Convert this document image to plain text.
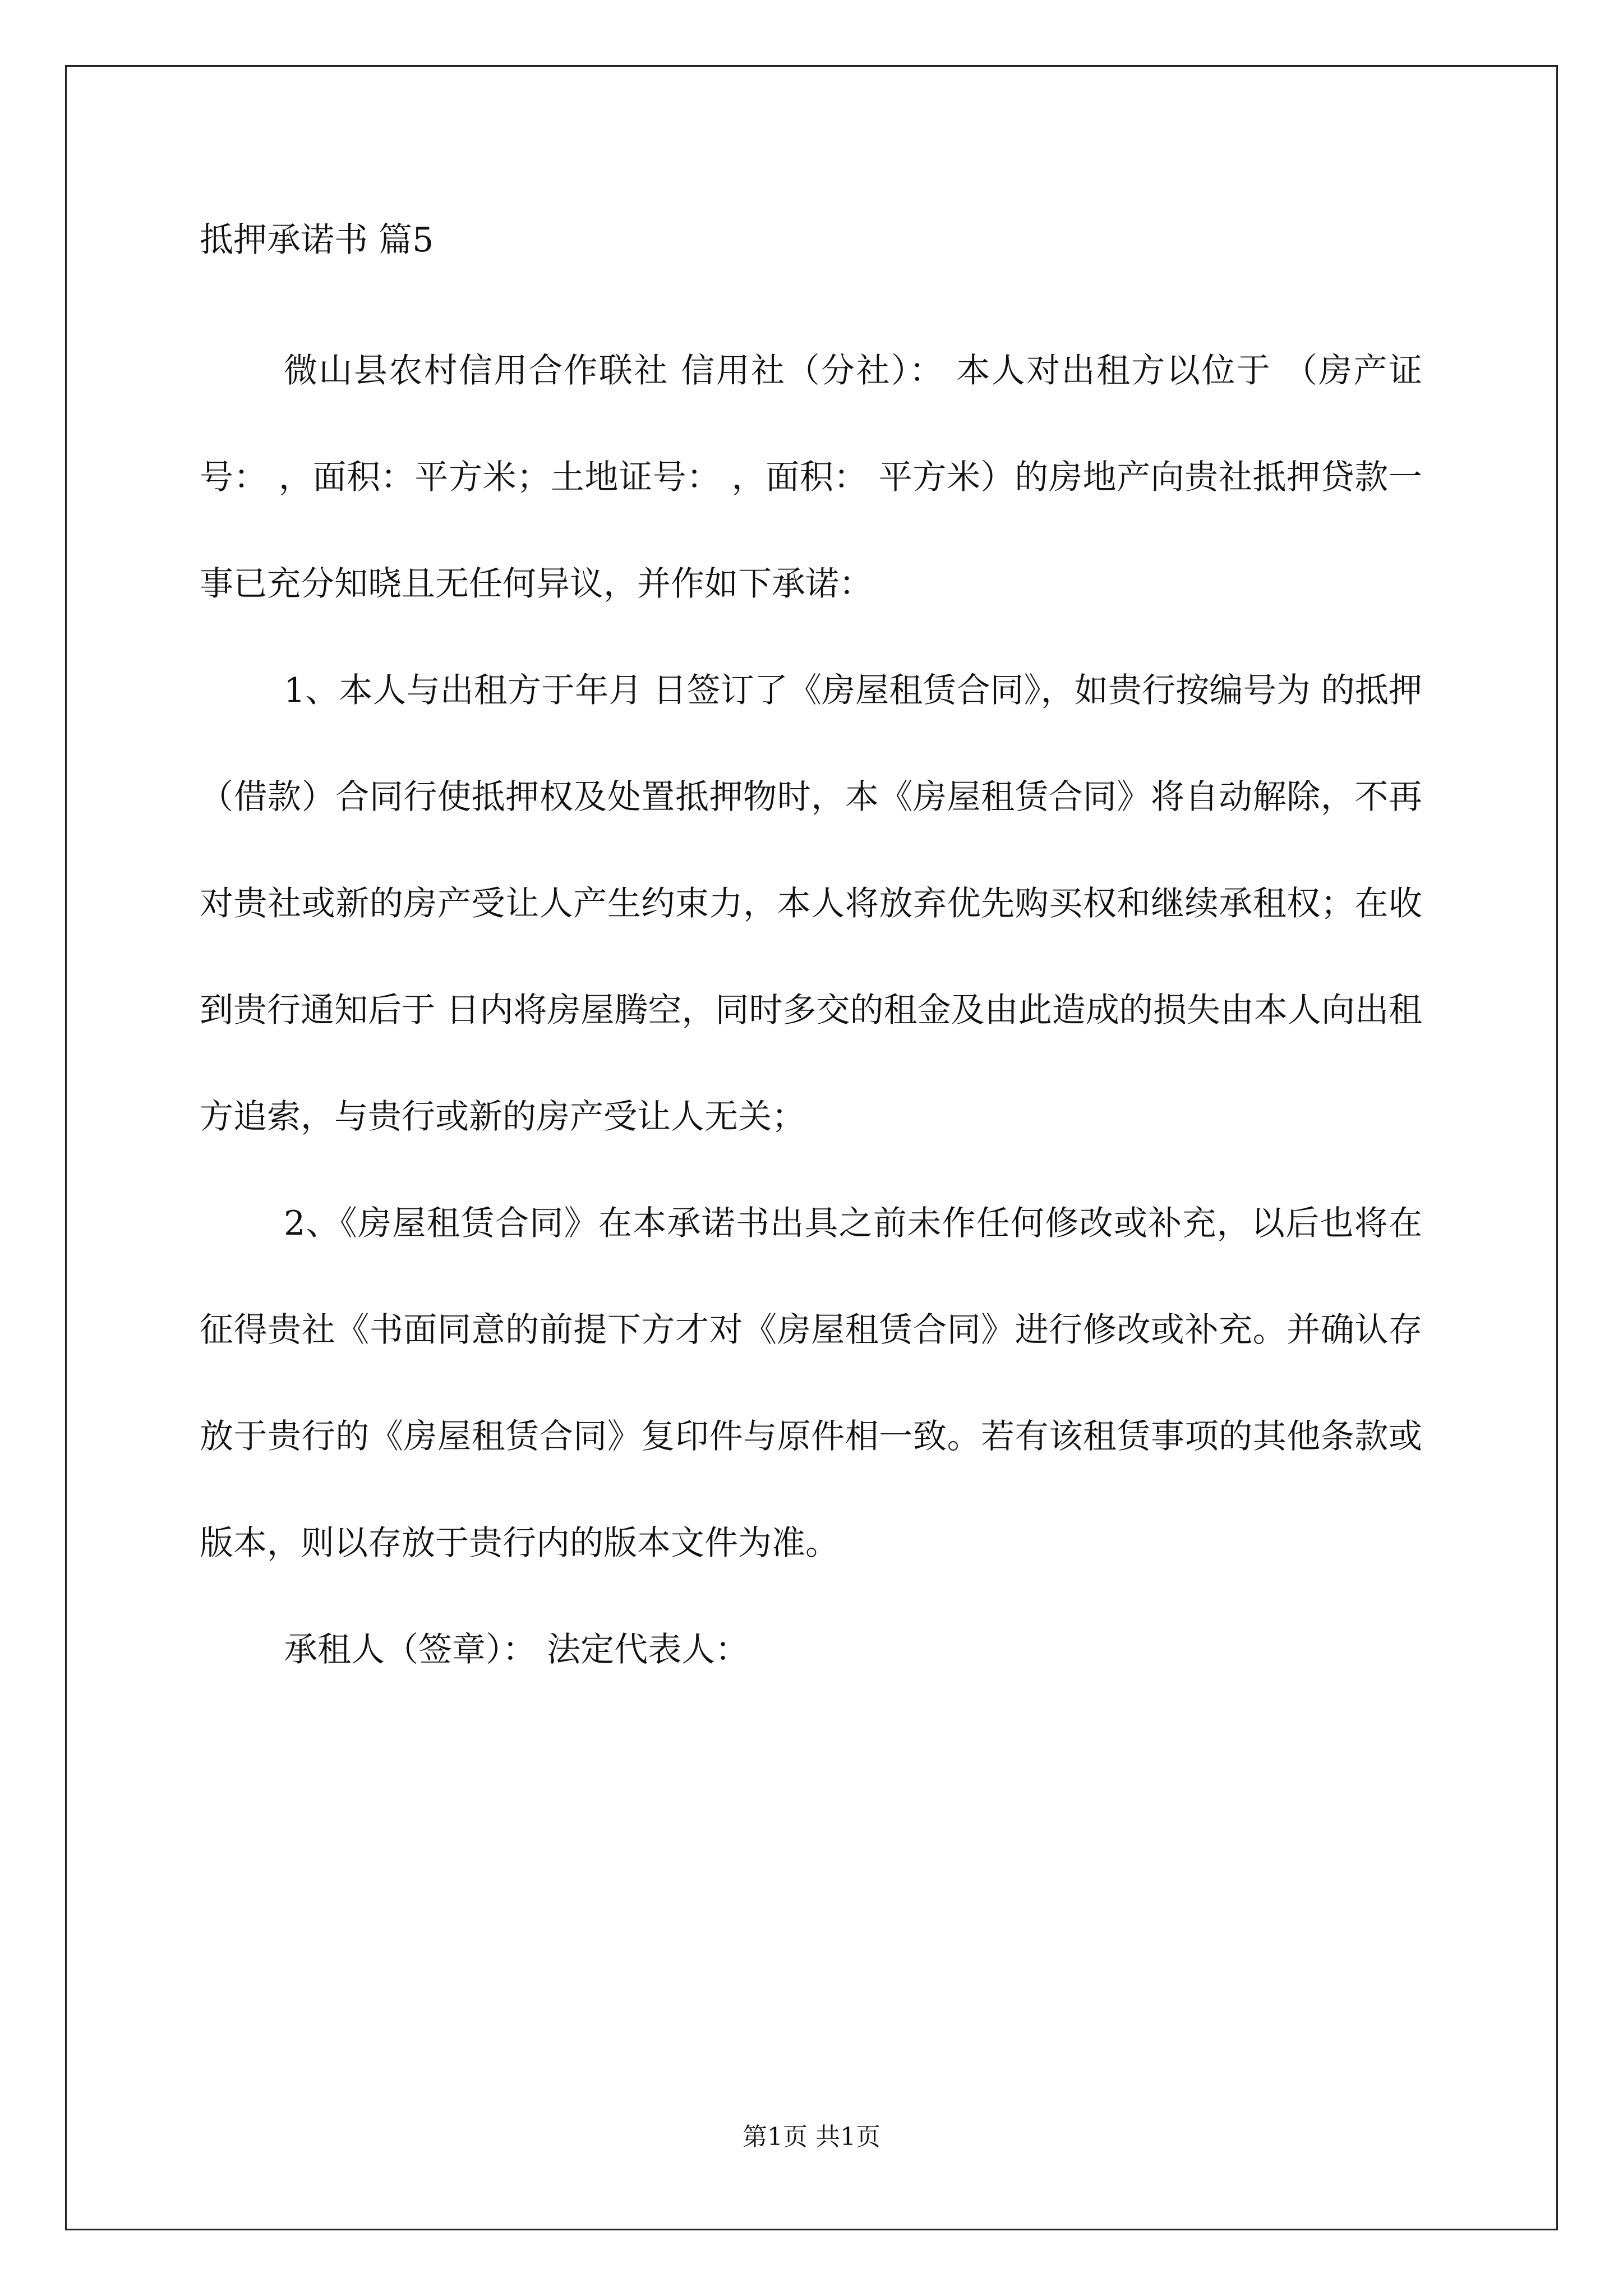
抵押承诺书 篇5

微山县农村信用合作联社 信用社（分社）： 本人对出租方以位于 （房产证号： ，面积：平方米；土地证号： ，面积： 平方米）的房地产向贵社抵押贷款一事已充分知晓且无任何异议，并作如下承诺：

1、本人与出租方于年月 日签订了《房屋租赁合同》，如贵行按编号为 的抵押（借款）合同行使抵押权及处置抵押物时，本《房屋租赁合同》将自动解除，不再对贵社或新的房产受让人产生约束力，本人将放弃优先购买权和继续承租权；在收到贵行通知后于 日内将房屋腾空，同时多交的租金及由此造成的损失由本人向出租方追索，与贵行或新的房产受让人无关；

2、《房屋租赁合同》在本承诺书出具之前未作任何修改或补充，以后也将在征得贵社《书面同意的前提下方才对《房屋租赁合同》进行修改或补充。并确认存放于贵行的《房屋租赁合同》复印件与原件相一致。若有该租赁事项的其他条款或版本，则以存放于贵行内的版本文件为准。

承租人（签章）： 法定代表人：
第1页 共1页
